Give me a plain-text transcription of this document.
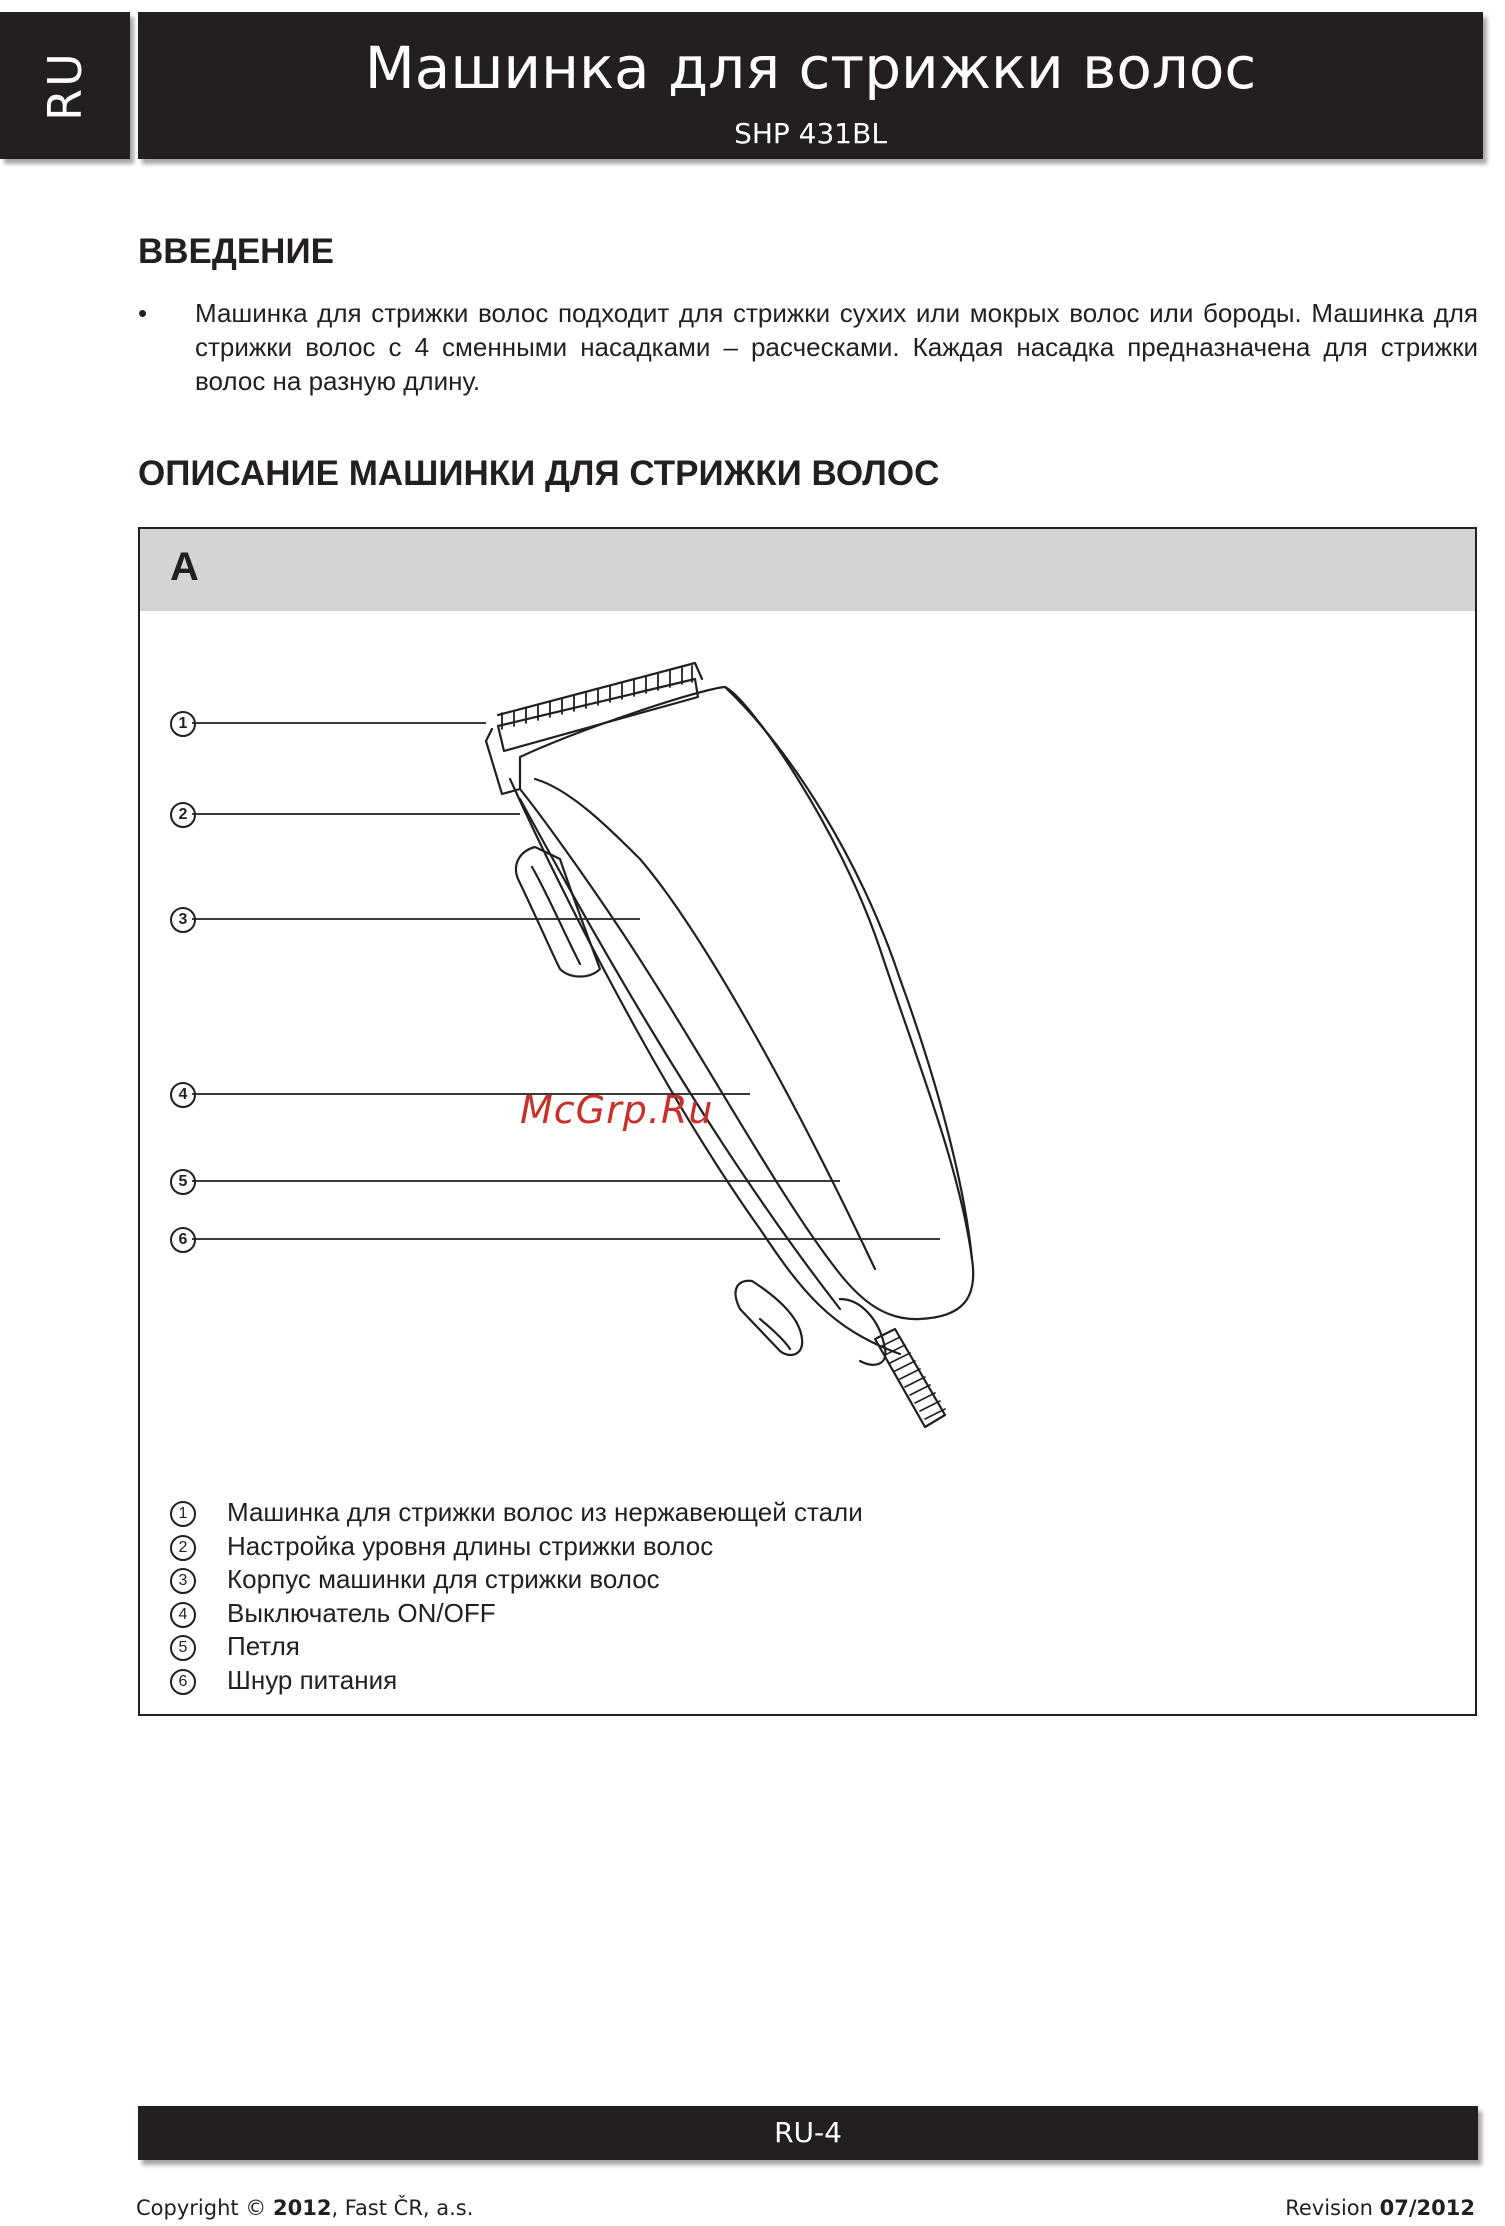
RU	Машинка для стрижки волос
SHP 431BL
ВВЕДЕНИЕ
• Машинка для стрижки волос подходит для стрижки сухих или мокрых волос или бороды. Машинка для стрижки волос с 4 сменными насадками – расческами. Каждая насадка предназначена для стрижки волос на разную длину.

ОПИСАНИЕ МАШИНКИ ДЛЯ СТРИЖКИ ВОЛОС
A
1
2
3
4
5
6
1	Машинка для стрижки волос из нержавеющей стали
2	Настройка уровня длины стрижки волос
3	Корпус машинки для стрижки волос
4	Выключатель ON/OFF
5	Петля
6	Шнур питания
McGrp.Ru
RU-4
Copyright © 2012, Fast ČR, a.s.	Revision 07/2012
